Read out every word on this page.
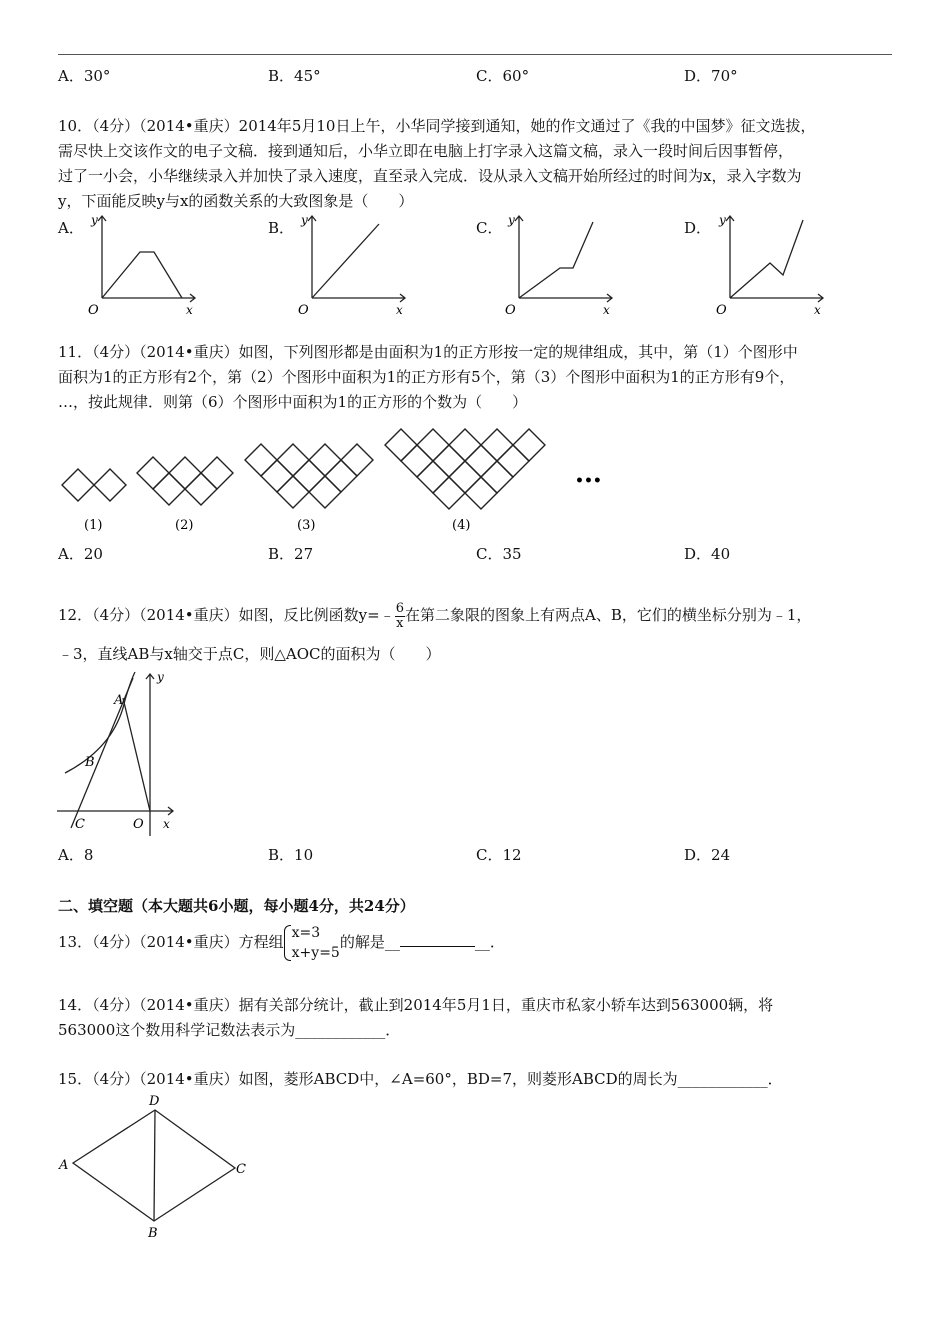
A．30°	B．45°	C．60°	D．70°
10．（4分）（2014•重庆）2014年5月10日上午，小华同学接到通知，她的作文通过了《我的中国梦》征文选拔，
需尽快上交该作文的电子文稿．接到通知后，小华立即在电脑上打字录入这篇文稿，录入一段时间后因事暂停，
过了一小会，小华继续录入并加快了录入速度，直至录入完成．设从录入文稿开始所经过的时间为x，录入字数为
y，下面能反映y与x的函数关系的大致图象是（　　）
A．	B．	C．	D．
y
O	x
y
O	x
y
O	x
y
O	x
11．（4分）（2014•重庆）如图，下列图形都是由面积为1的正方形按一定的规律组成，其中，第（1）个图形中
面积为1的正方形有2个，第（2）个图形中面积为1的正方形有5个，第（3）个图形中面积为1的正方形有9个，
…，按此规律．则第（6）个图形中面积为1的正方形的个数为（　　）
•••
(1)	(2)	(3)	(4)
A．20	B．27	C．35	D．40
12．（4分）（2014•重庆）如图，反比例函数y=﹣ $\frac{6}{x}$ 在第二象限的图象上有两点A、B，它们的横坐标分别为﹣1，
﹣3，直线AB与x轴交于点C，则△AOC的面积为（　　）
A
B
C	O x
y
A．8	B．10	C．12	D．24
二、填空题（本大题共6小题，每小题4分，共24分）
13．（4分）（2014•重庆）方程组 x=3
x+y=5
的解是__	__．
14．（4分）（2014•重庆）据有关部分统计，截止到2014年5月1日，重庆市私家小轿车达到563000辆，将
563000这个数用科学记数法表示为____________．
15．（4分）（2014•重庆）如图，菱形ABCD中，∠A=60°，BD=7，则菱形ABCD的周长为____________．
A
D
C
B
